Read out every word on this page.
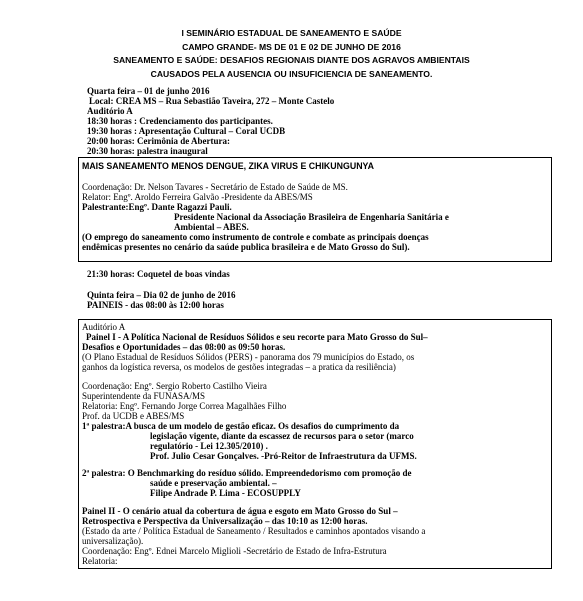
I SEMINÁRIO ESTADUAL DE SANEAMENTO E SAÚDE
CAMPO GRANDE- MS DE 01 E 02 DE JUNHO DE 2016
SANEAMENTO E SAÚDE: DESAFIOS REGIONAIS DIANTE DOS AGRAVOS AMBIENTAIS
CAUSADOS PELA AUSENCIA OU INSUFICIENCIA DE SANEAMENTO.
Quarta feira – 01 de junho 2016
Local: CREA MS – Rua Sebastião Taveira, 272 – Monte Castelo
Auditório A
18:30 horas : Credenciamento dos participantes.
19:30 horas : Apresentação Cultural – Coral UCDB
20:00 horas: Cerimônia de Abertura:
20:30 horas: palestra inaugural
MAIS SANEAMENTO MENOS DENGUE, ZIKA VIRUS E CHIKUNGUNYA
Coordenação: Dr. Nelson Tavares - Secretário de Estado de Saúde de MS.
Relator: Engº. Aroldo Ferreira Galvão -Presidente da ABES/MS
Palestrante:Engº. Dante Ragazzi Pauli.
Presidente Nacional da Associação Brasileira de Engenharia Sanitária e
Ambiental – ABES.
(O emprego do saneamento como instrumento de controle e combate as principais doenças
endêmicas presentes no cenário da saúde publica brasileira e de Mato Grosso do Sul).
21:30 horas: Coquetel de boas vindas
Quinta feira – Dia 02 de junho de 2016
PAINEIS - das 08:00 às 12:00 horas
Auditório A
Painel I - A Política Nacional de Resíduos Sólidos e seu recorte para Mato Grosso do Sul–
Desafios e Oportunidades – das 08:00 as 09:50 horas.
(O Plano Estadual de Resíduos Sólidos (PERS) - panorama dos 79 municípios do Estado, os
ganhos da logística reversa, os modelos de gestões integradas – a pratica da resiliência)
Coordenação: Engº. Sergio Roberto Castilho Vieira
Superintendente da FUNASA/MS
Relatoria: Engº. Fernando Jorge Correa Magalhães Filho
Prof. da UCDB e ABES/MS
1ª palestra:A busca de um modelo de gestão eficaz. Os desafios do cumprimento da
legislação vigente, diante da escassez de recursos para o setor (marco
regulatório - Lei 12.305/2010) .
Prof. Julio Cesar Gonçalves. -Pró-Reitor de Infraestrutura da UFMS.
2ª palestra: O Benchmarking do resíduo sólido. Empreendedorismo com promoção de
saúde e preservação ambiental. –
Filipe Andrade P. Lima - ECOSUPPLY
Painel II - O cenário atual da cobertura de água e esgoto em Mato Grosso do Sul –
Retrospectiva e Perspectiva da Universalização – das 10:10 as 12:00 horas.
(Estado da arte / Política Estadual de Saneamento / Resultados e caminhos apontados visando a
universalização).
Coordenação: Engº. Ednei Marcelo Miglioli -Secretário de Estado de Infra-Estrutura
Relatoria:
